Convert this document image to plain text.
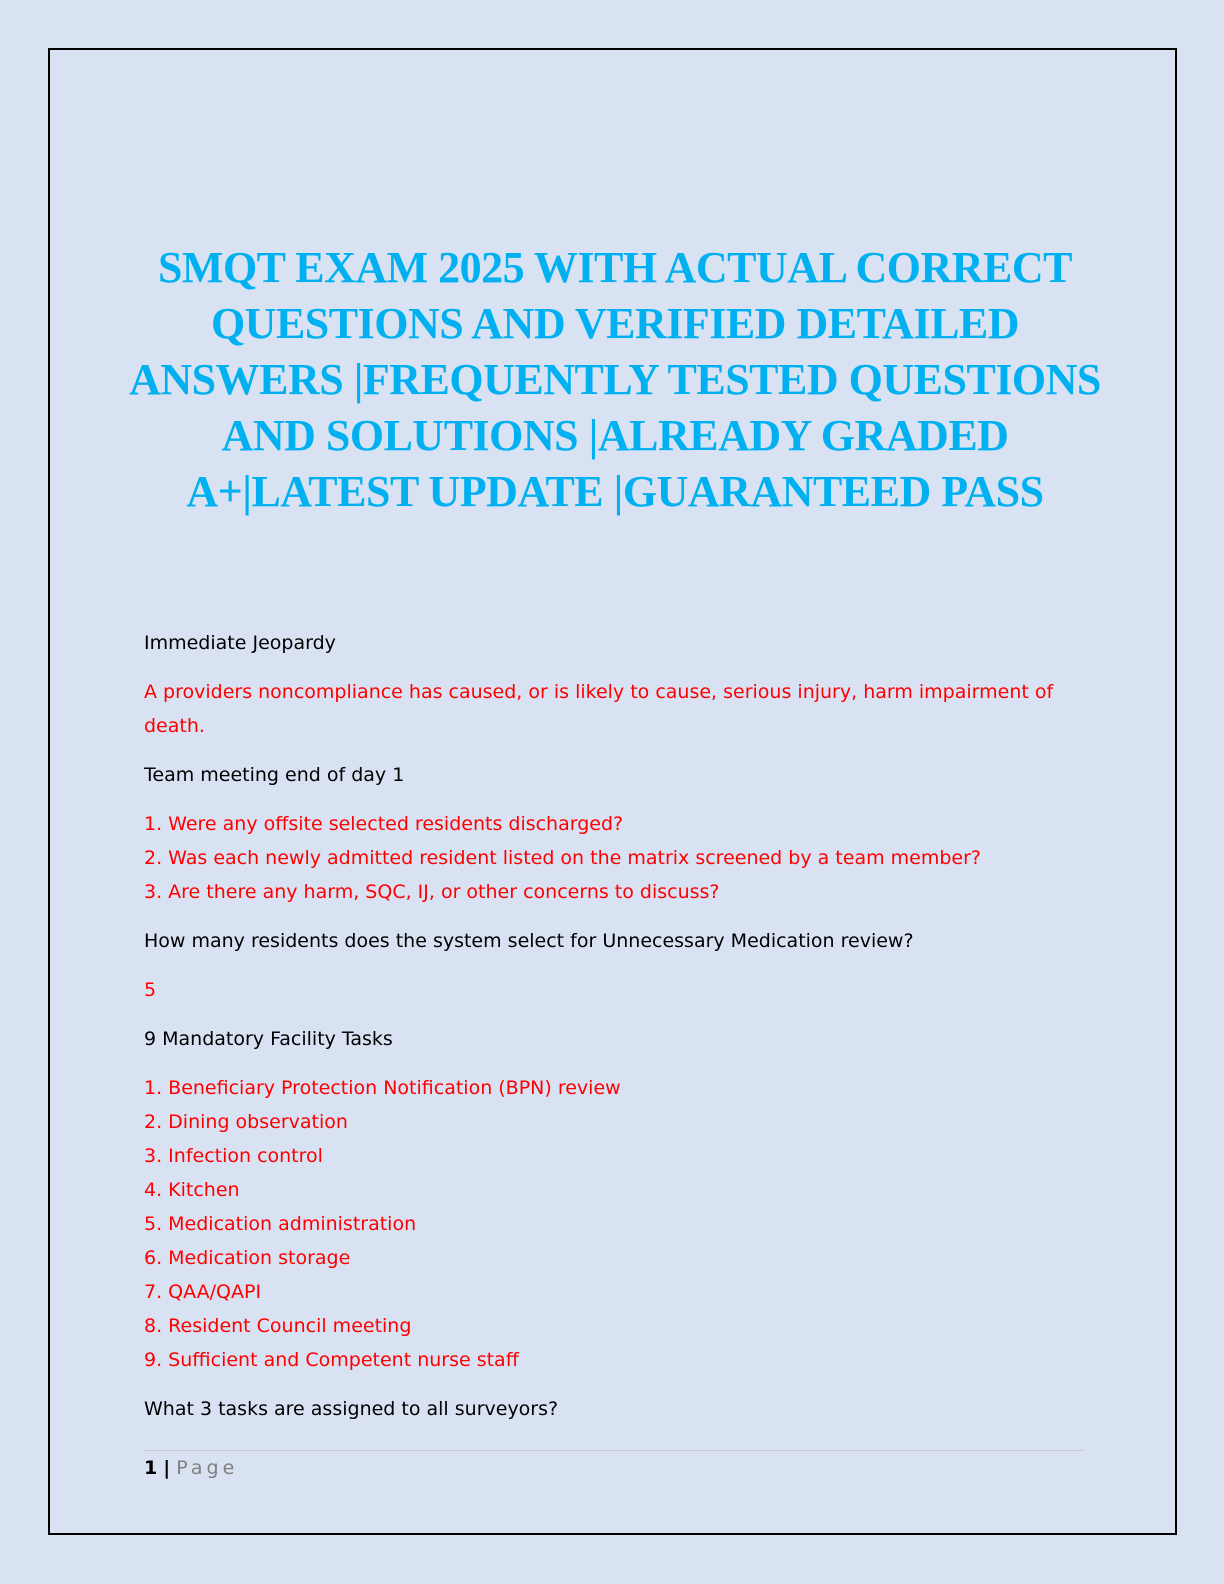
SMQT EXAM 2025 WITH ACTUAL CORRECT QUESTIONS AND VERIFIED DETAILED ANSWERS |FREQUENTLY TESTED QUESTIONS AND SOLUTIONS |ALREADY GRADED A+|LATEST UPDATE |GUARANTEED PASS

Immediate Jeopardy

A providers noncompliance has caused, or is likely to cause, serious injury, harm impairment of death.

Team meeting end of day 1

1. Were any offsite selected residents discharged?

2. Was each newly admitted resident listed on the matrix screened by a team member?

3. Are there any harm, SQC, IJ, or other concerns to discuss?

How many residents does the system select for Unnecessary Medication review?

5

9 Mandatory Facility Tasks

1. Beneficiary Protection Notification (BPN) review

2. Dining observation

3. Infection control

4. Kitchen

5. Medication administration

6. Medication storage

7. QAA/QAPI

8. Resident Council meeting

9. Sufficient and Competent nurse staff

What 3 tasks are assigned to all surveyors?

1 | Page
